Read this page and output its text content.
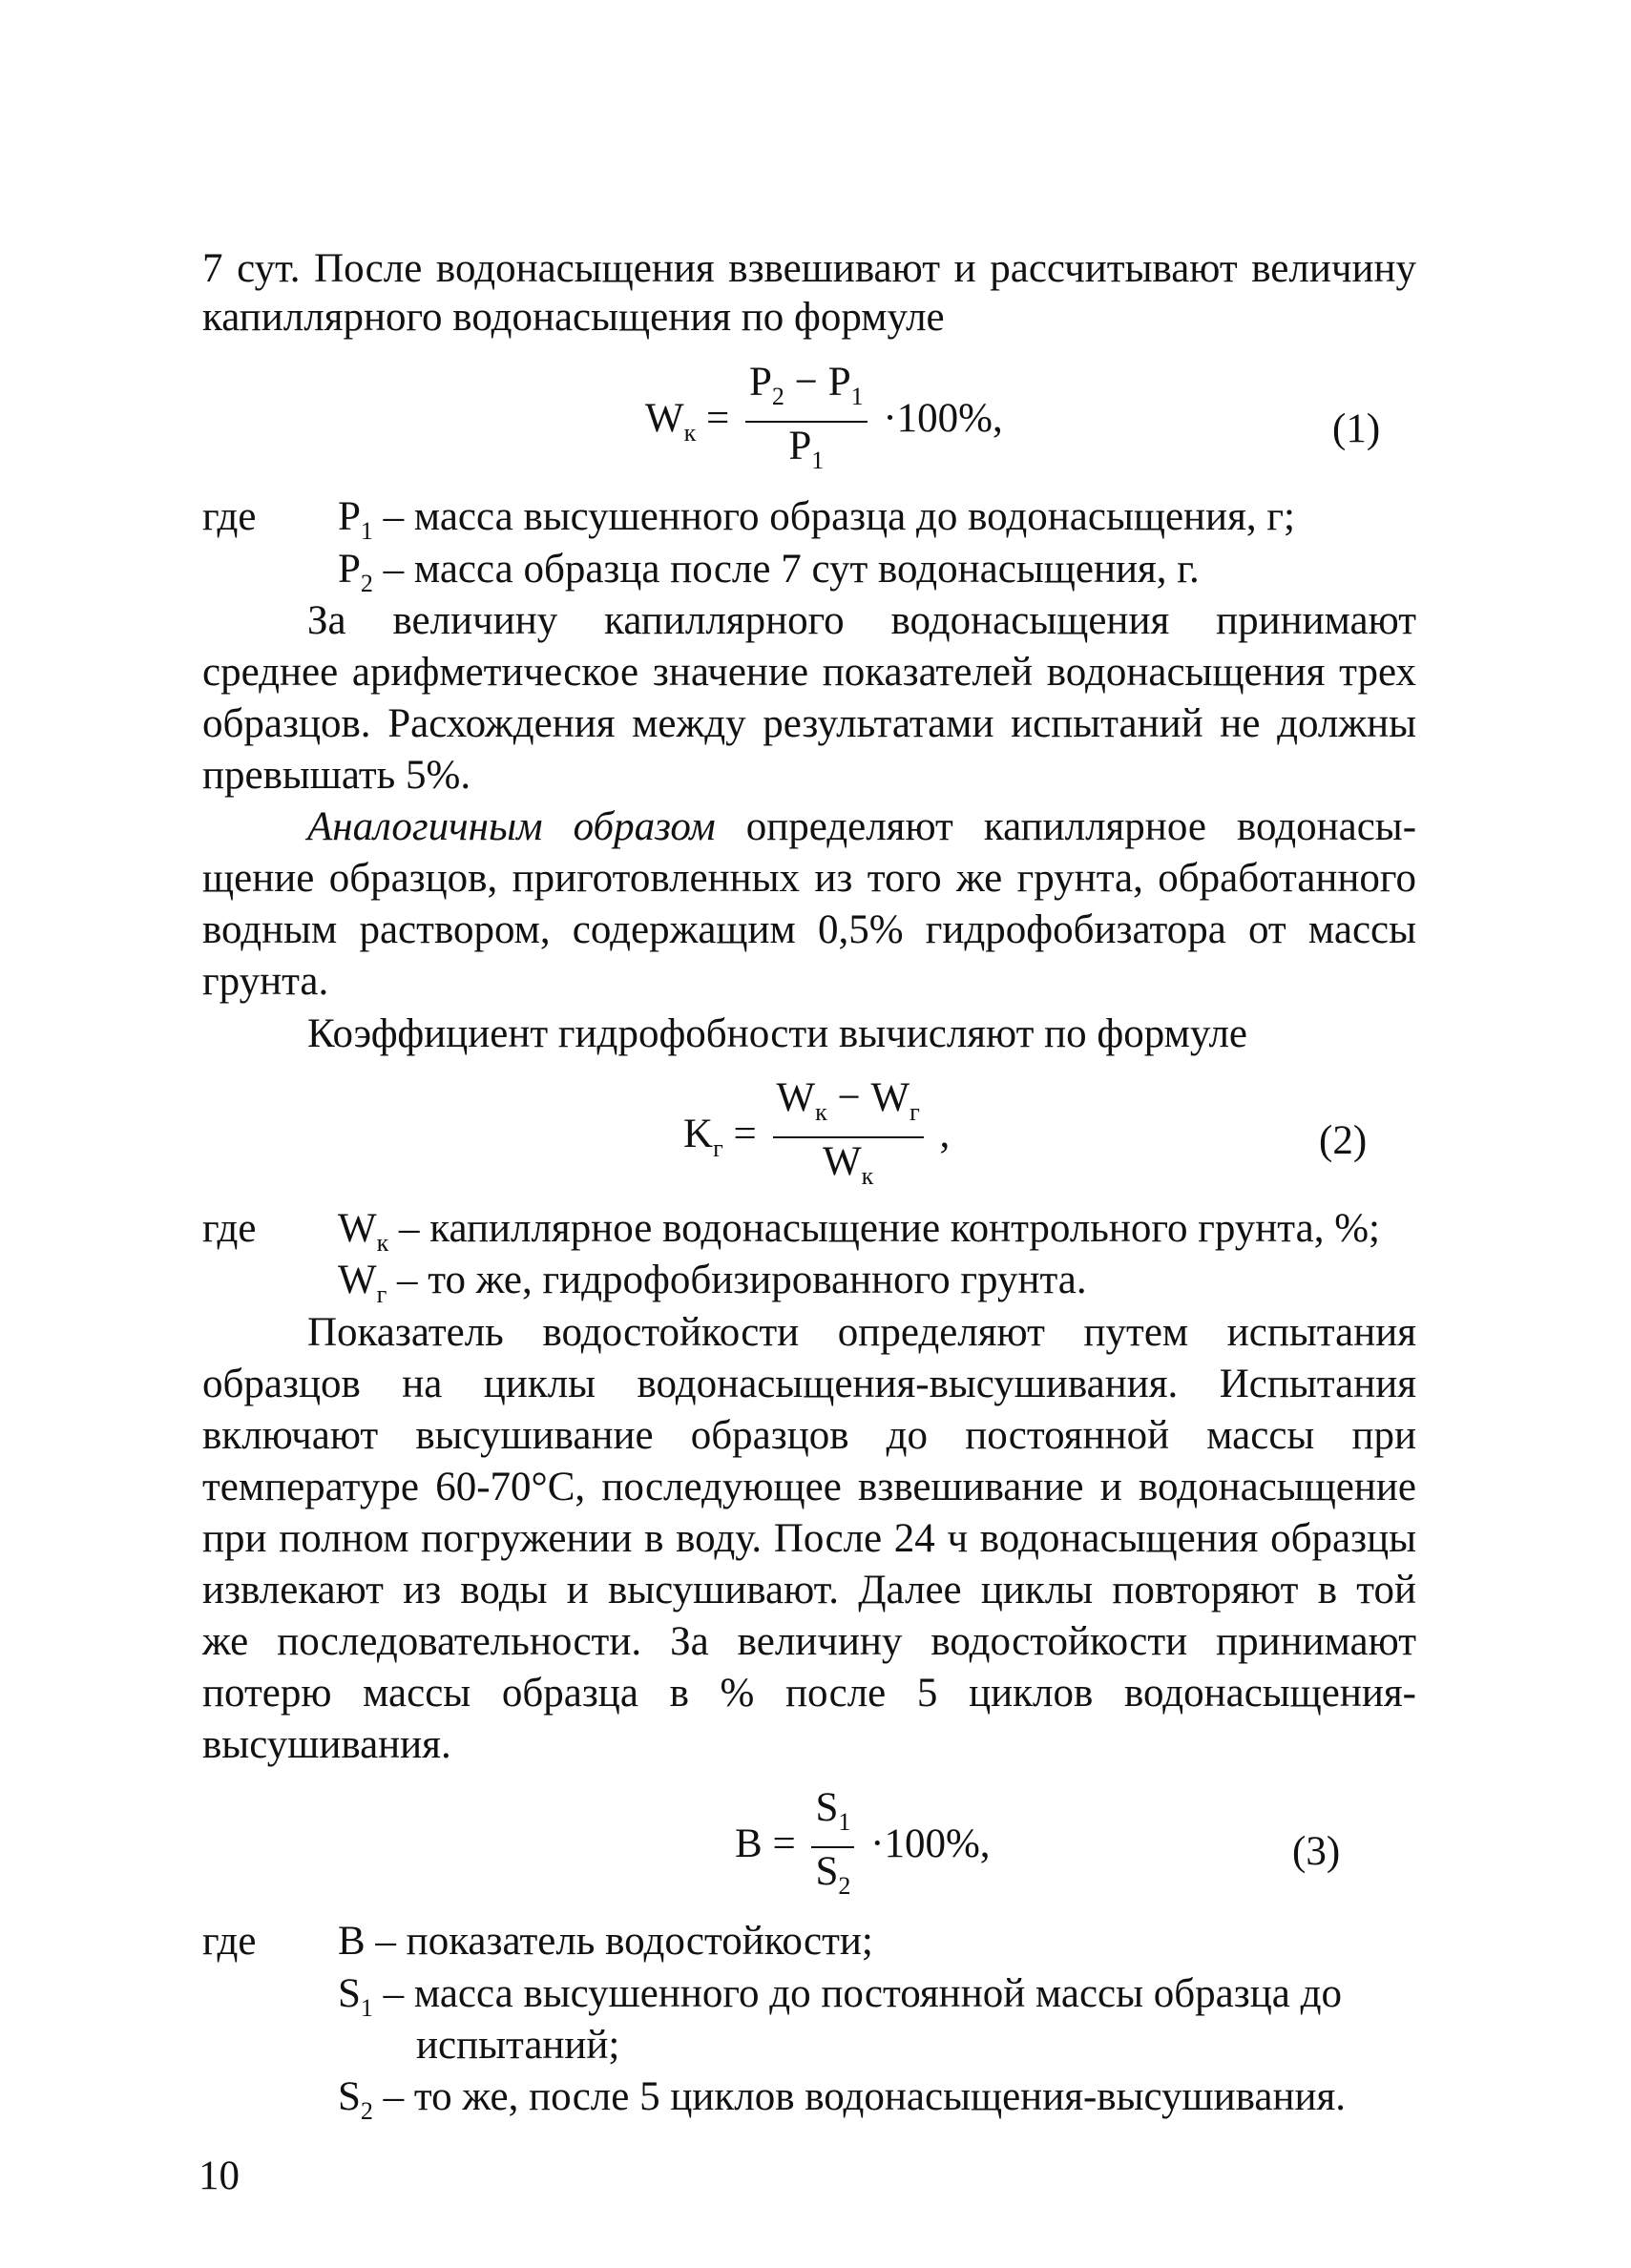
7 сут. После водонасыщения взвешивают и рассчитывают величину
капиллярного водонасыщения по формуле
$W_к = \frac{P_2 - P_1}{P_1} \cdot 100\%$,	(1)
где $P_1$ – масса высушенного образца до водонасыщения, г;
$P_2$ – масса образца после 7 сут водонасыщения, г.
За величину капиллярного водонасыщения принимают
среднее арифметическое значение показателей водонасыщения трех
образцов. Расхождения между результатами испытаний не должны
превышать 5%.
Аналогичным образом определяют капиллярное водонасы-
щение образцов, приготовленных из того же грунта, обработанного
водным раствором, содержащим 0,5% гидрофобизатора от массы
грунта.
Коэффициент гидрофобности вычисляют по формуле
$K_г = \frac{W_к - W_г}{W_к}$ ,	(2)
где $W_к$ – капиллярное водонасыщение контрольного грунта, %;
$W_г$ – то же, гидрофобизированного грунта.
Показатель водостойкости определяют путем испытания
образцов на циклы водонасыщения-высушивания. Испытания
включают высушивание образцов до постоянной массы при
температуре 60-70°С, последующее взвешивание и водонасыщение
при полном погружении в воду. После 24 ч водонасыщения образцы
извлекают из воды и высушивают. Далее циклы повторяют в той
же последовательности. За величину водостойкости принимают
потерю массы образца в % после 5 циклов водонасыщения-
высушивания.
$B = \frac{S_1}{S_2} \cdot 100\%$,	(3)
где B – показатель водостойкости;
$S_1$ – масса высушенного до постоянной массы образца до
испытаний;
$S_2$ – то же, после 5 циклов водонасыщения-высушивания.
10
